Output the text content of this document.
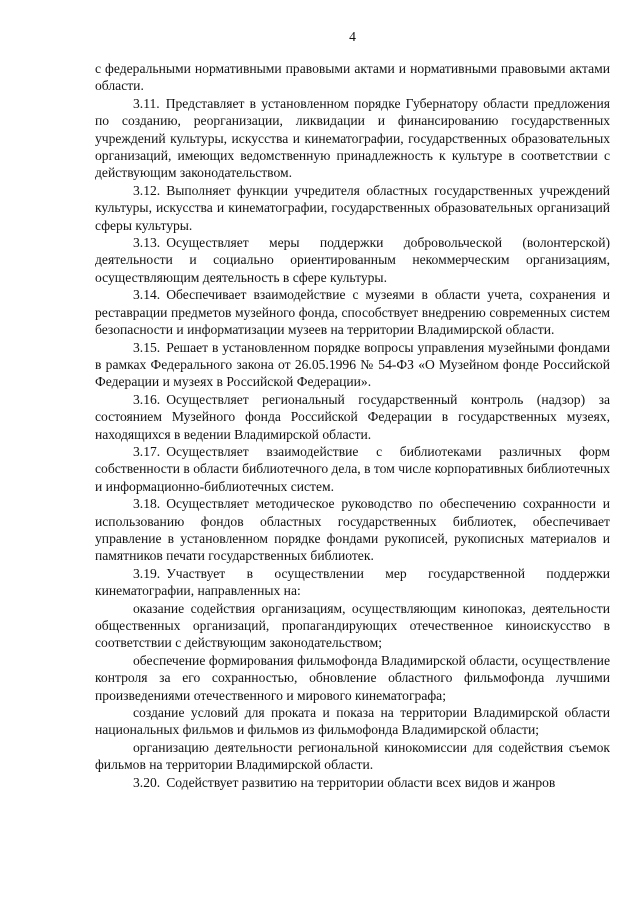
4

с федеральными нормативными правовыми актами и нормативными правовыми актами области.

3.11. Представляет в установленном порядке Губернатору области предложения по созданию, реорганизации, ликвидации и финансированию государственных учреждений культуры, искусства и кинематографии, государственных образовательных организаций, имеющих ведомственную принадлежность к культуре в соответствии с действующим законодательством.

3.12. Выполняет функции учредителя областных государственных учреждений культуры, искусства и кинематографии, государственных образовательных организаций сферы культуры.

3.13. Осуществляет меры поддержки добровольческой (волонтерской) деятельности и социально ориентированным некоммерческим организациям, осуществляющим деятельность в сфере культуры.

3.14. Обеспечивает взаимодействие с музеями в области учета, сохранения и реставрации предметов музейного фонда, способствует внедрению современных систем безопасности и информатизации музеев на территории Владимирской области.

3.15. Решает в установленном порядке вопросы управления музейными фондами в рамках Федерального закона от 26.05.1996 № 54-ФЗ «О Музейном фонде Российской Федерации и музеях в Российской Федерации».

3.16. Осуществляет региональный государственный контроль (надзор) за состоянием Музейного фонда Российской Федерации в государственных музеях, находящихся в ведении Владимирской области.

3.17. Осуществляет взаимодействие с библиотеками различных форм собственности в области библиотечного дела, в том числе корпоративных библиотечных и информационно-библиотечных систем.

3.18. Осуществляет методическое руководство по обеспечению сохранности и использованию фондов областных государственных библиотек, обеспечивает управление в установленном порядке фондами рукописей, рукописных материалов и памятников печати государственных библиотек.

3.19. Участвует в осуществлении мер государственной поддержки кинематографии, направленных на:

оказание содействия организациям, осуществляющим кинопоказ, деятельности общественных организаций, пропагандирующих отечественное киноискусство в соответствии с действующим законодательством;

обеспечение формирования фильмофонда Владимирской области, осуществление контроля за его сохранностью, обновление областного фильмофонда лучшими произведениями отечественного и мирового кинематографа;

создание условий для проката и показа на территории Владимирской области национальных фильмов и фильмов из фильмофонда Владимирской области;

организацию деятельности региональной кинокомиссии для содействия съемок фильмов на территории Владимирской области.

3.20. Содействует развитию на территории области всех видов и жанров
